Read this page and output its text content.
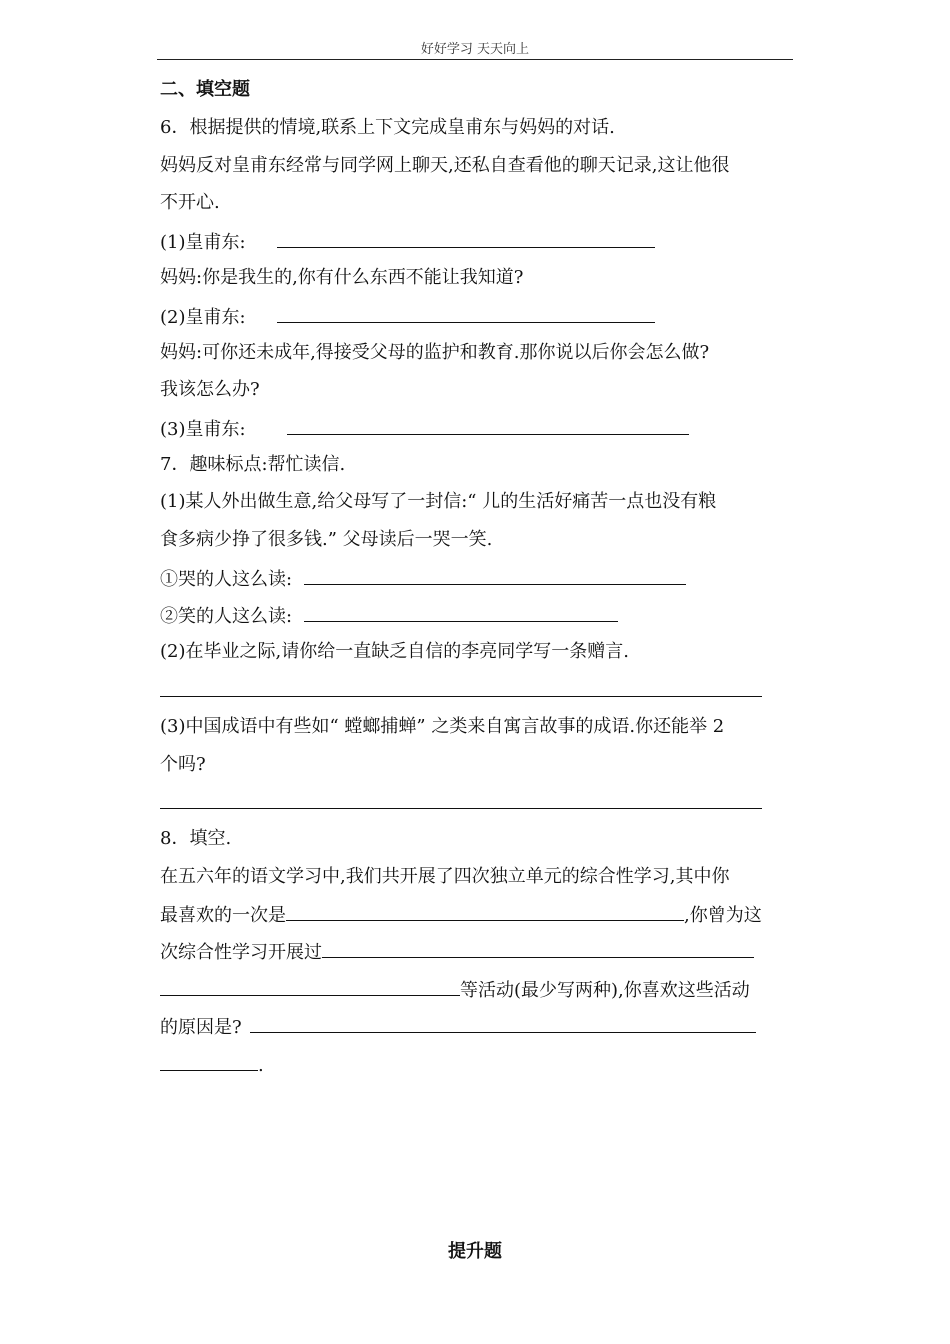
好好学习 天天向上
二、填空题
6．根据提供的情境,联系上下文完成皇甫东与妈妈的对话.
妈妈反对皇甫东经常与同学网上聊天,还私自查看他的聊天记录,这让他很
不开心.
(1)皇甫东:
妈妈:你是我生的,你有什么东西不能让我知道?
(2)皇甫东:
妈妈:可你还未成年,得接受父母的监护和教育.那你说以后你会怎么做?
我该怎么办?
(3)皇甫东:
7．趣味标点:帮忙读信.
(1)某人外出做生意,给父母写了一封信:“ 儿的生活好痛苦一点也没有粮
食多病少挣了很多钱.” 父母读后一哭一笑.
①哭的人这么读:
②笑的人这么读:
(2)在毕业之际,请你给一直缺乏自信的李亮同学写一条赠言.
(3)中国成语中有些如“ 螳螂捕蝉” 之类来自寓言故事的成语.你还能举 2
个吗?
8．填空.
在五六年的语文学习中,我们共开展了四次独立单元的综合性学习,其中你
最喜欢的一次是	,你曾为这
次综合性学习开展过
等活动(最少写两种),你喜欢这些活动
的原因是?
.
提升题
